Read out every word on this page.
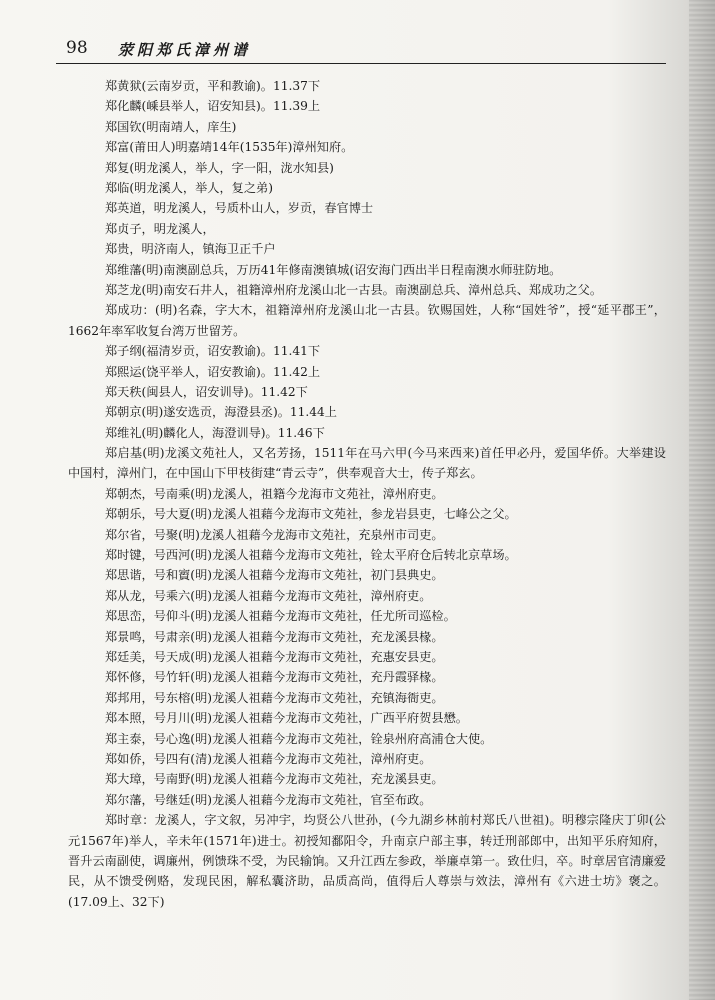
98 荥阳郑氏漳州谱
郑黄狱(云南岁贡，平和教谕)。11.37下
郑化麟(嵊县举人，诏安知县)。11.39上
郑国钦(明南靖人，庠生)
郑富(莆田人)明嘉靖14年(1535年)漳州知府。
郑复(明龙溪人，举人，字一阳，泷水知县)
郑临(明龙溪人，举人，复之弟)
郑英道，明龙溪人，号质朴山人，岁贡，春官博士
郑贞子，明龙溪人，
郑贵，明济南人，镇海卫正千户
郑维藩(明)南澳副总兵，万历41年修南澳镇城(诏安海门西出半日程南澳水师驻防地。
郑芝龙(明)南安石井人，祖籍漳州府龙溪山北一古县。南澳副总兵、漳州总兵、郑成功之父。
郑成功：(明)名森，字大木，祖籍漳州府龙溪山北一古县。钦赐国姓，人称“国姓爷”，授“延平郡王”，1662年率军收复台湾万世留芳。
郑子纲(福清岁贡，诏安教谕)。11.41下
郑熙运(饶平举人，诏安教谕)。11.42上
郑天秩(闽县人，诏安训导)。11.42下
郑朝京(明)遂安选贡，海澄县丞)。11.44上
郑维礼(明)麟化人，海澄训导)。11.46下
郑启基(明)龙溪文苑社人，又名芳扬，1511年在马六甲(今马来西来)首任甲必丹，爱国华侨。大举建设中国村，漳州门，在中国山下甲枝街建“青云寺”，供奉观音大士，传子郑玄。
郑朝杰，号南乘(明)龙溪人，祖籍今龙海市文苑社，漳州府吏。
郑朝乐，号大夏(明)龙溪人祖藉今龙海市文苑社，参龙岩县吏，七峰公之父。
郑尔省，号聚(明)龙溪人祖藉今龙海市文苑社，充泉州市司吏。
郑时键，号西河(明)龙溪人祖藉今龙海市文苑社，铨太平府仓后转北京草场。
郑思谐，号和賨(明)龙溪人祖藉今龙海市文苑社，初门县典史。
郑从龙，号乘六(明)龙溪人祖藉今龙海市文苑社，漳州府吏。
郑思峦，号仰斗(明)龙溪人祖藉今龙海市文苑社，任尤所司巡检。
郑景鸣，号肃亲(明)龙溪人祖藉今龙海市文苑社，充龙溪县椽。
郑廷美，号天成(明)龙溪人祖藉今龙海市文苑社，充惠安县吏。
郑怀修，号竹轩(明)龙溪人祖藉今龙海市文苑社，充丹霞驿椽。
郑邦用，号东榕(明)龙溪人祖藉今龙海市文苑社，充镇海衙吏。
郑本照，号月川(明)龙溪人祖藉今龙海市文苑社，广西平府贺县懋。
郑主泰，号心逸(明)龙溪人祖藉今龙海市文苑社，铨泉州府高浦仓大使。
郑如侨，号四有(清)龙溪人祖藉今龙海市文苑社，漳州府吏。
郑大璋，号南野(明)龙溪人祖藉今龙海市文苑社，充龙溪县吏。
郑尔藩，号继廷(明)龙溪人祖藉今龙海市文苑社，官至布政。
郑时章：龙溪人，字文叙，另冲宇，均贤公八世孙，(今九湖乡林前村郑氏八世祖)。明穆宗隆庆丁卯(公元1567年)举人，辛未年(1571年)进士。初授知鄱阳令，升南京户部主事，转迁刑部郎中，出知平乐府知府，晋升云南副使，调廉州，例馈珠不受，为民输饷。又升江西左参政，举廉卓第一。致仕归，卒。时章居官清廉爱民，从不馈受例赂，发现民困，解私囊济助，品质高尚，值得后人尊崇与效法，漳州有《六进士坊》褒之。(17.09上、32下)
